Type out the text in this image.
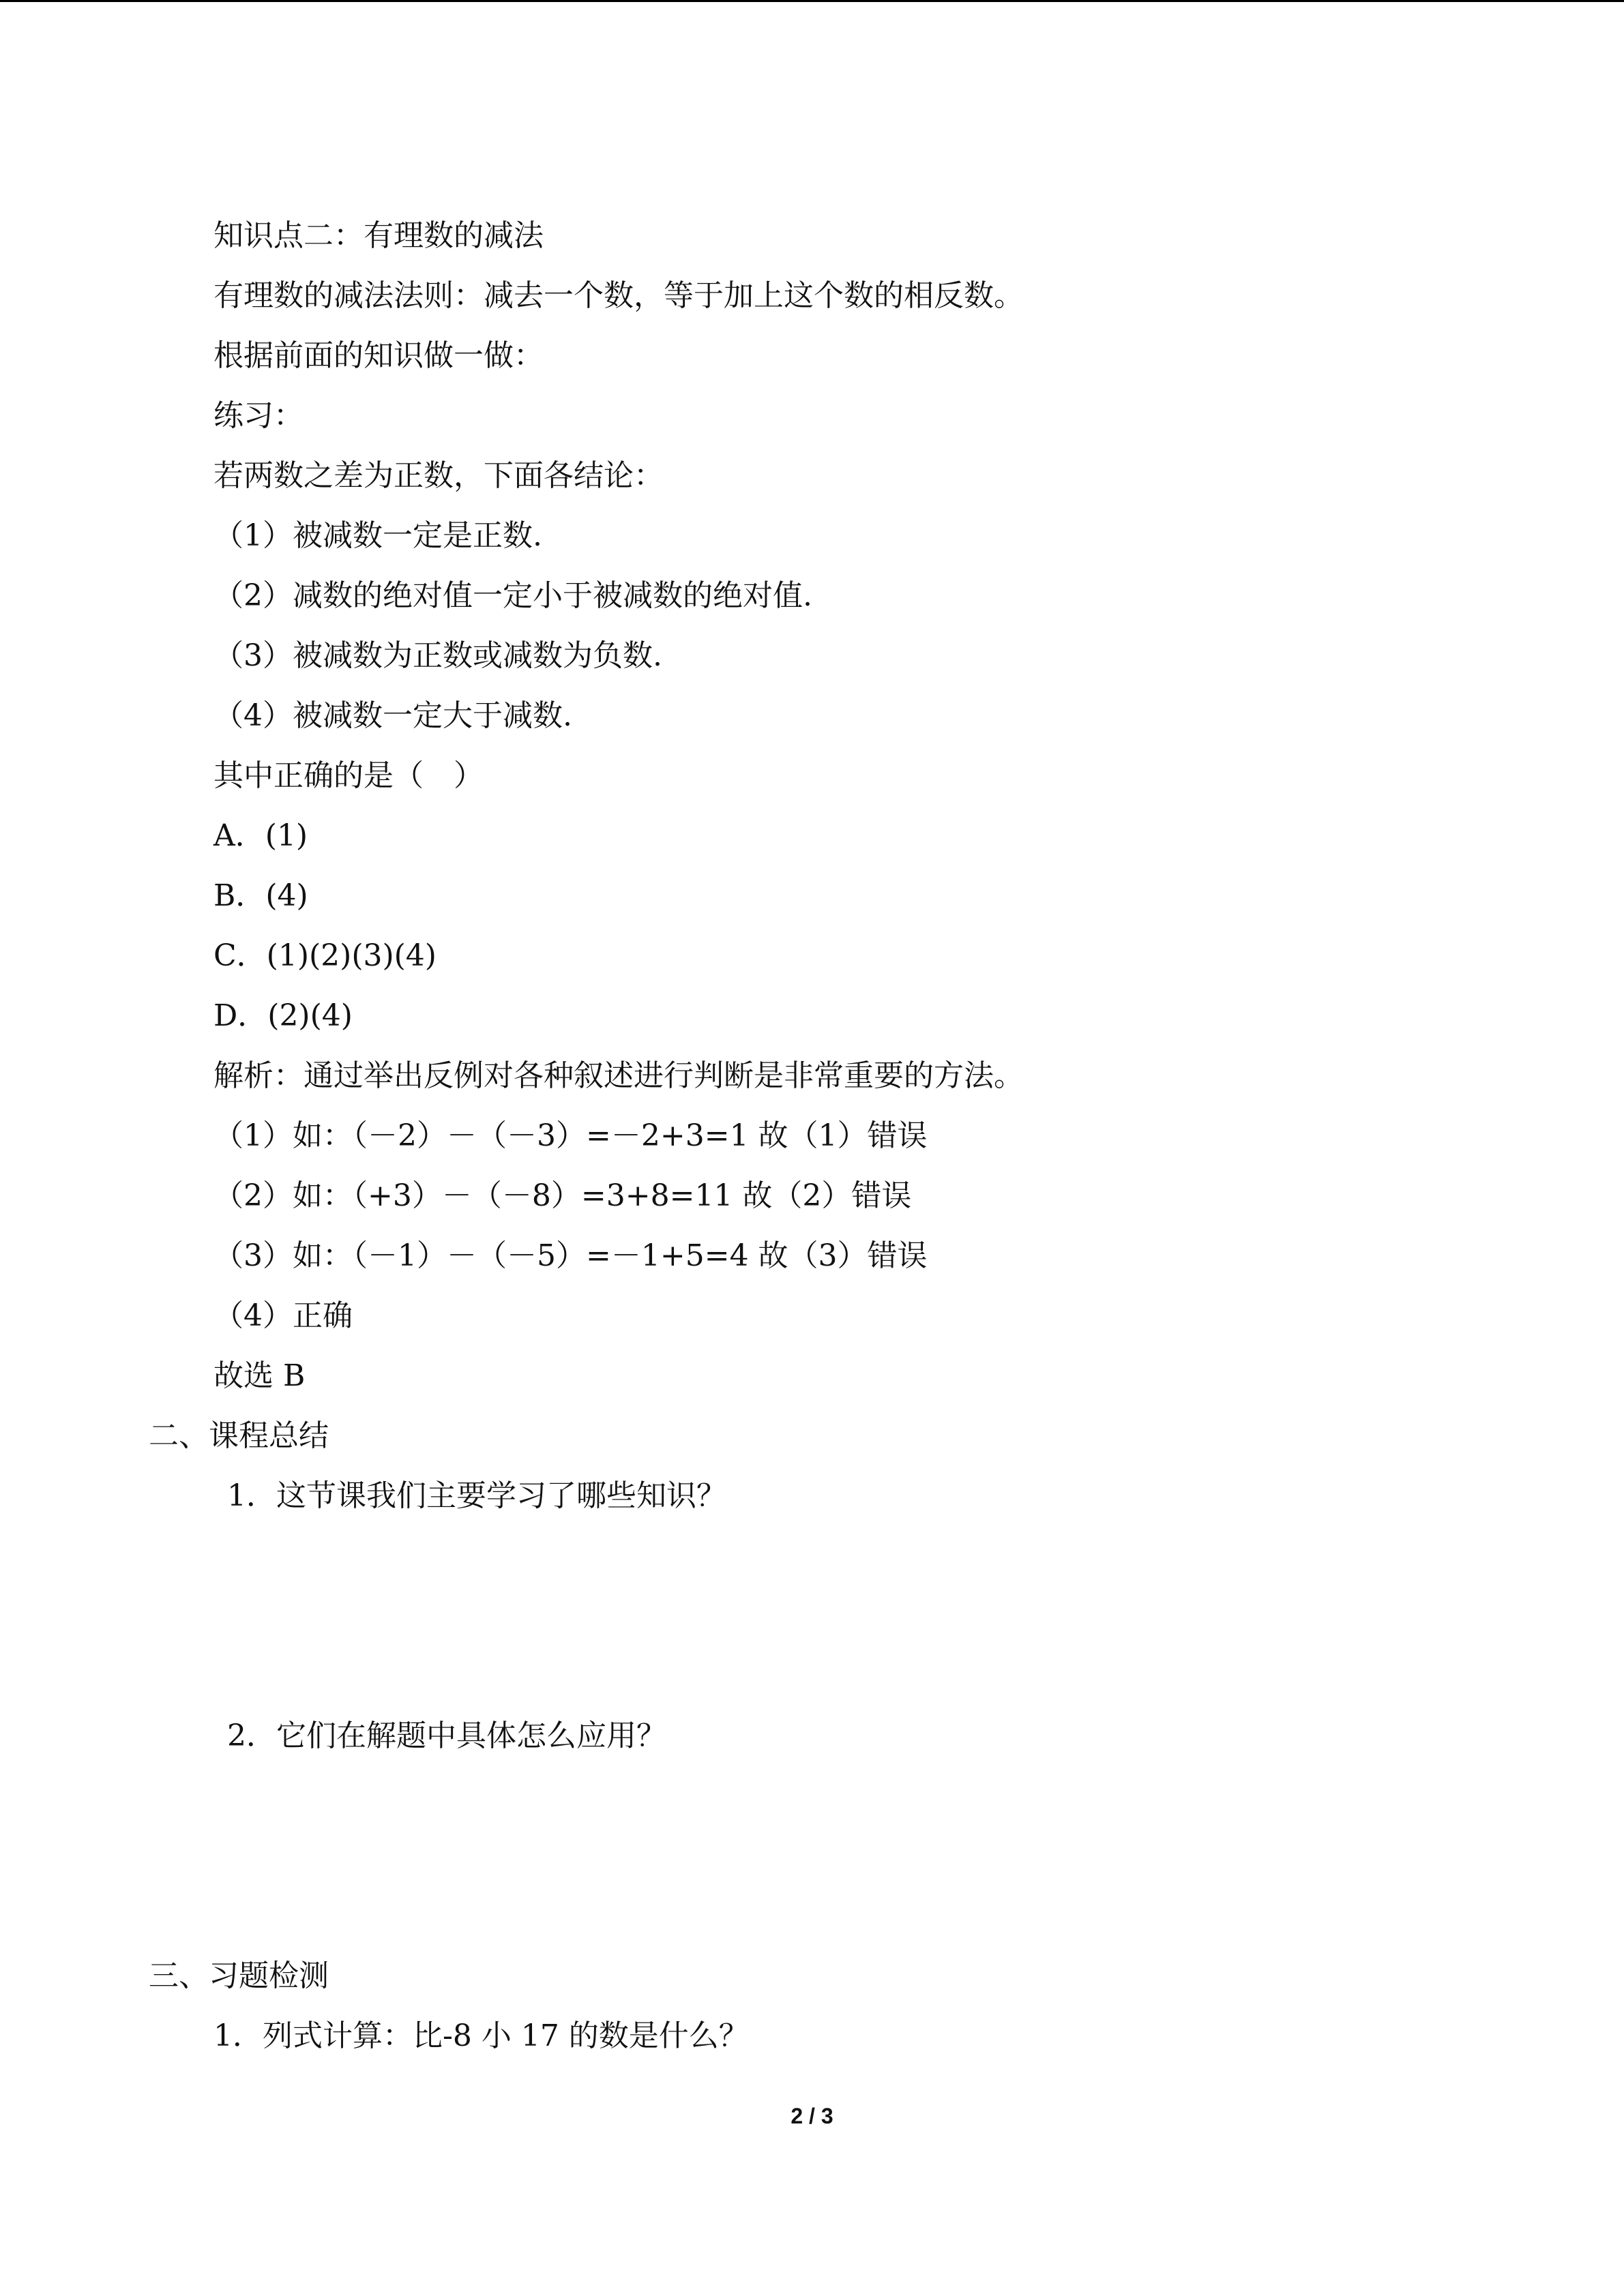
知识点二：有理数的减法
有理数的减法法则：减去一个数，等于加上这个数的相反数。
根据前面的知识做一做：
练习：
若两数之差为正数，下面各结论：
（1）被减数一定是正数.
（2）减数的绝对值一定小于被减数的绝对值.
（3）被减数为正数或减数为负数.
（4）被减数一定大于减数.
其中正确的是（　）
A．(1)
B．(4)
C．(1)(2)(3)(4)
D．(2)(4)
解析：通过举出反例对各种叙述进行判断是非常重要的方法。
（1）如：（－2）－（－3）=－2+3=1 故（1）错误
（2）如：（+3）－（－8）=3+8=11 故（2）错误
（3）如：（－1）－（－5）=－1+5=4 故（3）错误
（4）正确
故选 B
二、课程总结
1．这节课我们主要学习了哪些知识？
2．它们在解题中具体怎么应用？
三、习题检测
1．列式计算：比-8 小 17 的数是什么？
2 / 3
